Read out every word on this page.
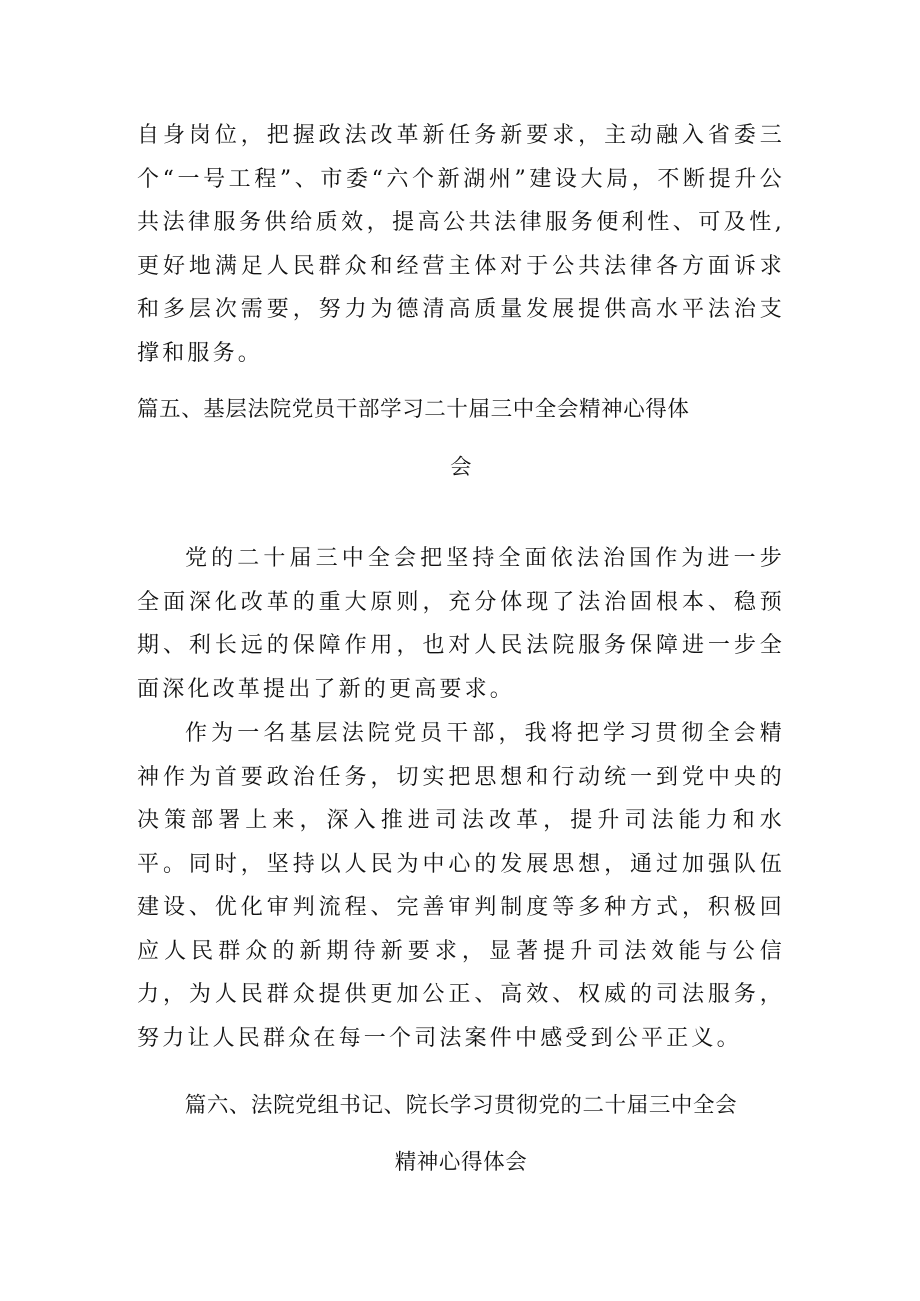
自身岗位，把握政法改革新任务新要求，主动融入省委三个“一号工程”、市委“六个新湖州”建设大局，不断提升公共法律服务供给质效，提高公共法律服务便利性、可及性,更好地满足人民群众和经营主体对于公共法律各方面诉求和多层次需要，努力为德清高质量发展提供高水平法治支撑和服务。

篇五、基层法院党员干部学习二十届三中全会精神心得体
会

党的二十届三中全会把坚持全面依法治国作为进一步全面深化改革的重大原则，充分体现了法治固根本、稳预期、利长远的保障作用，也对人民法院服务保障进一步全面深化改革提出了新的更高要求。

作为一名基层法院党员干部，我将把学习贯彻全会精神作为首要政治任务，切实把思想和行动统一到党中央的决策部署上来，深入推进司法改革，提升司法能力和水平。同时，坚持以人民为中心的发展思想，通过加强队伍建设、优化审判流程、完善审判制度等多种方式，积极回应人民群众的新期待新要求，显著提升司法效能与公信力，为人民群众提供更加公正、高效、权威的司法服务，努力让人民群众在每一个司法案件中感受到公平正义。

篇六、法院党组书记、院长学习贯彻党的二十届三中全会
精神心得体会
